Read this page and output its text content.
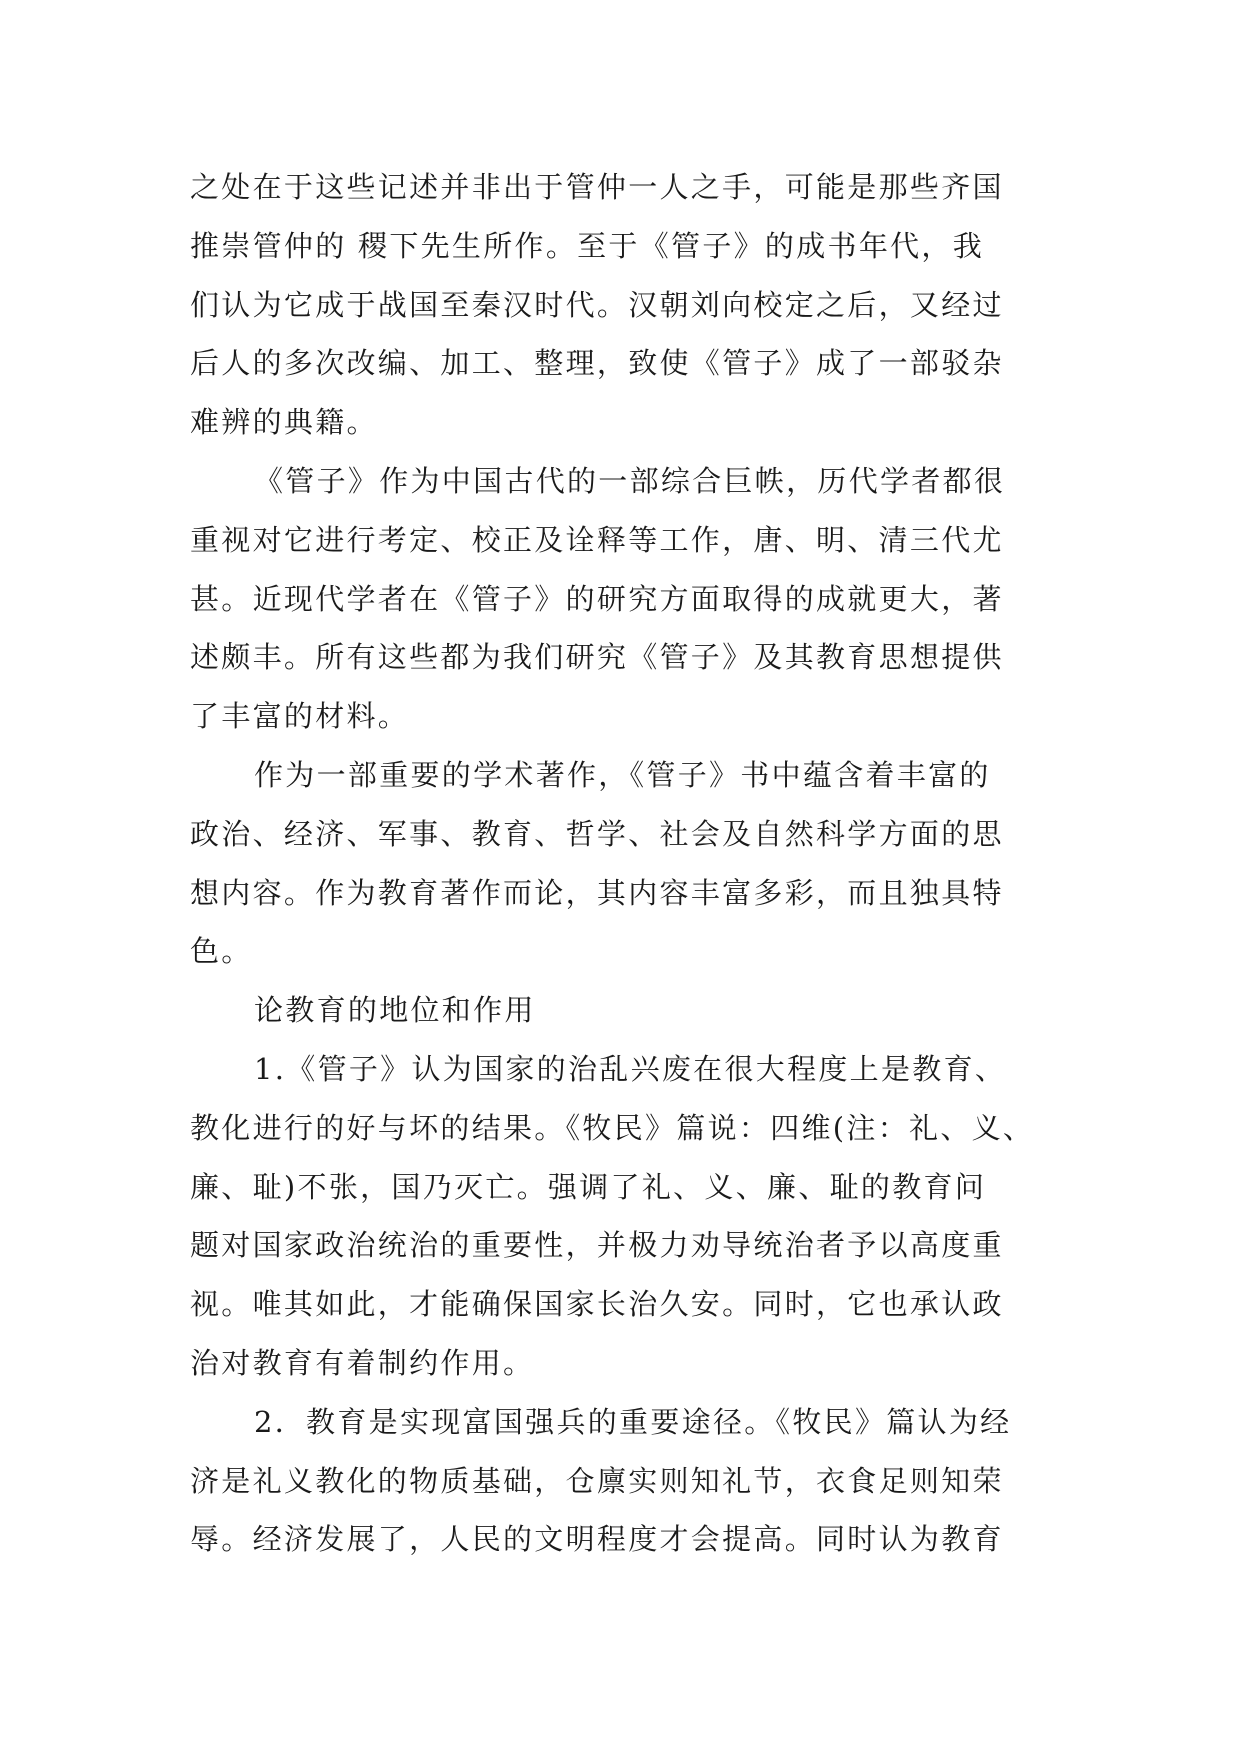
之处在于这些记述并非出于管仲一人之手，可能是那些齐国
推崇管仲的 稷下先生所作。至于《管子》的成书年代，我
们认为它成于战国至秦汉时代。汉朝刘向校定之后，又经过
后人的多次改编、加工、整理，致使《管子》成了一部驳杂
难辨的典籍。
《管子》作为中国古代的一部综合巨帙，历代学者都很
重视对它进行考定、校正及诠释等工作，唐、明、清三代尤
甚。近现代学者在《管子》的研究方面取得的成就更大，著
述颇丰。所有这些都为我们研究《管子》及其教育思想提供
了丰富的材料。
作为一部重要的学术著作，《管子》书中蕴含着丰富的
政治、经济、军事、教育、哲学、社会及自然科学方面的思
想内容。作为教育著作而论，其内容丰富多彩，而且独具特
色。
论教育的地位和作用
1.《管子》认为国家的治乱兴废在很大程度上是教育、
教化进行的好与坏的结果。《牧民》篇说：四维(注：礼、义、
廉、耻)不张，国乃灭亡。强调了礼、义、廉、耻的教育问
题对国家政治统治的重要性，并极力劝导统治者予以高度重
视。唯其如此，才能确保国家长治久安。同时，它也承认政
治对教育有着制约作用。
2．教育是实现富国强兵的重要途径。《牧民》篇认为经
济是礼义教化的物质基础，仓廪实则知礼节，衣食足则知荣
辱。经济发展了，人民的文明程度才会提高。同时认为教育
